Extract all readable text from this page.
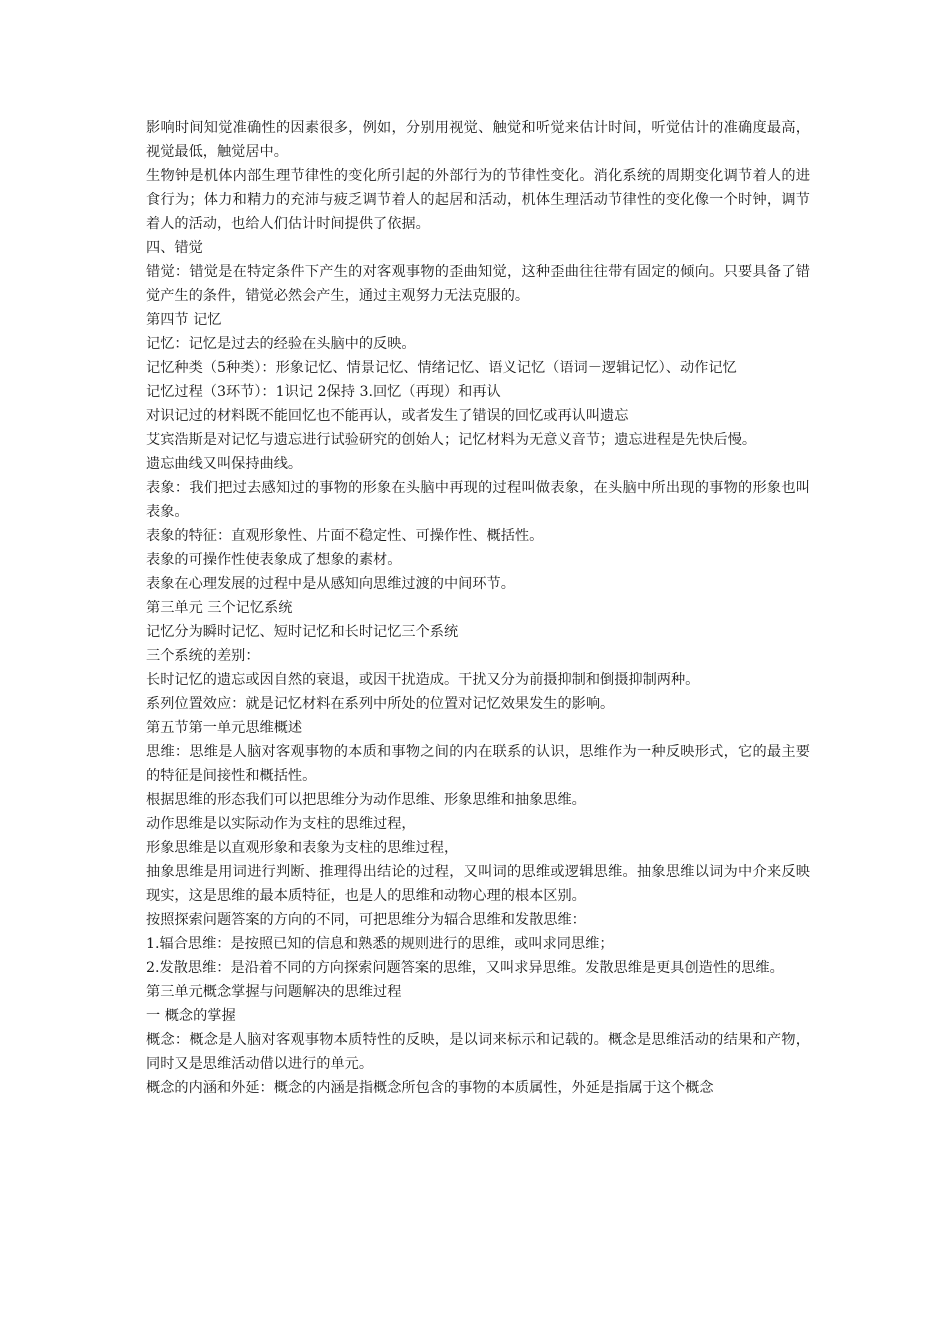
影响时间知觉准确性的因素很多，例如，分别用视觉、触觉和听觉来估计时间，听觉估计的准确度最高，视觉最低，触觉居中。

生物钟是机体内部生理节律性的变化所引起的外部行为的节律性变化。消化系统的周期变化调节着人的进食行为；体力和精力的充沛与疲乏调节着人的起居和活动，机体生理活动节律性的变化像一个时钟，调节着人的活动，也给人们估计时间提供了依据。

四、错觉

错觉：错觉是在特定条件下产生的对客观事物的歪曲知觉，这种歪曲往往带有固定的倾向。只要具备了错觉产生的条件，错觉必然会产生，通过主观努力无法克服的。

第四节 记忆

记忆：记忆是过去的经验在头脑中的反映。

记忆种类（5种类）：形象记忆、情景记忆、情绪记忆、语义记忆（语词－逻辑记忆）、动作记忆

记忆过程（3环节）：1识记 2保持 3.回忆（再现）和再认

对识记过的材料既不能回忆也不能再认，或者发生了错误的回忆或再认叫遗忘

艾宾浩斯是对记忆与遗忘进行试验研究的创始人；记忆材料为无意义音节；遗忘进程是先快后慢。

遗忘曲线又叫保持曲线。

表象：我们把过去感知过的事物的形象在头脑中再现的过程叫做表象，在头脑中所出现的事物的形象也叫表象。

表象的特征：直观形象性、片面不稳定性、可操作性、概括性。

表象的可操作性使表象成了想象的素材。

表象在心理发展的过程中是从感知向思维过渡的中间环节。

第三单元 三个记忆系统

记忆分为瞬时记忆、短时记忆和长时记忆三个系统

三个系统的差别：

长时记忆的遗忘或因自然的衰退，或因干扰造成。干扰又分为前摄抑制和倒摄抑制两种。

系列位置效应：就是记忆材料在系列中所处的位置对记忆效果发生的影响。

第五节第一单元思维概述

思维：思维是人脑对客观事物的本质和事物之间的内在联系的认识，思维作为一种反映形式，它的最主要的特征是间接性和概括性。

根据思维的形态我们可以把思维分为动作思维、形象思维和抽象思维。

动作思维是以实际动作为支柱的思维过程，

形象思维是以直观形象和表象为支柱的思维过程，

抽象思维是用词进行判断、推理得出结论的过程，又叫词的思维或逻辑思维。抽象思维以词为中介来反映现实，这是思维的最本质特征，也是人的思维和动物心理的根本区别。

按照探索问题答案的方向的不同，可把思维分为辐合思维和发散思维：

1.辐合思维：是按照已知的信息和熟悉的规则进行的思维，或叫求同思维；

2.发散思维：是沿着不同的方向探索问题答案的思维，又叫求异思维。发散思维是更具创造性的思维。

第三单元概念掌握与问题解决的思维过程

一 概念的掌握

概念：概念是人脑对客观事物本质特性的反映，是以词来标示和记载的。概念是思维活动的结果和产物，同时又是思维活动借以进行的单元。

概念的内涵和外延：概念的内涵是指概念所包含的事物的本质属性，外延是指属于这个概念
